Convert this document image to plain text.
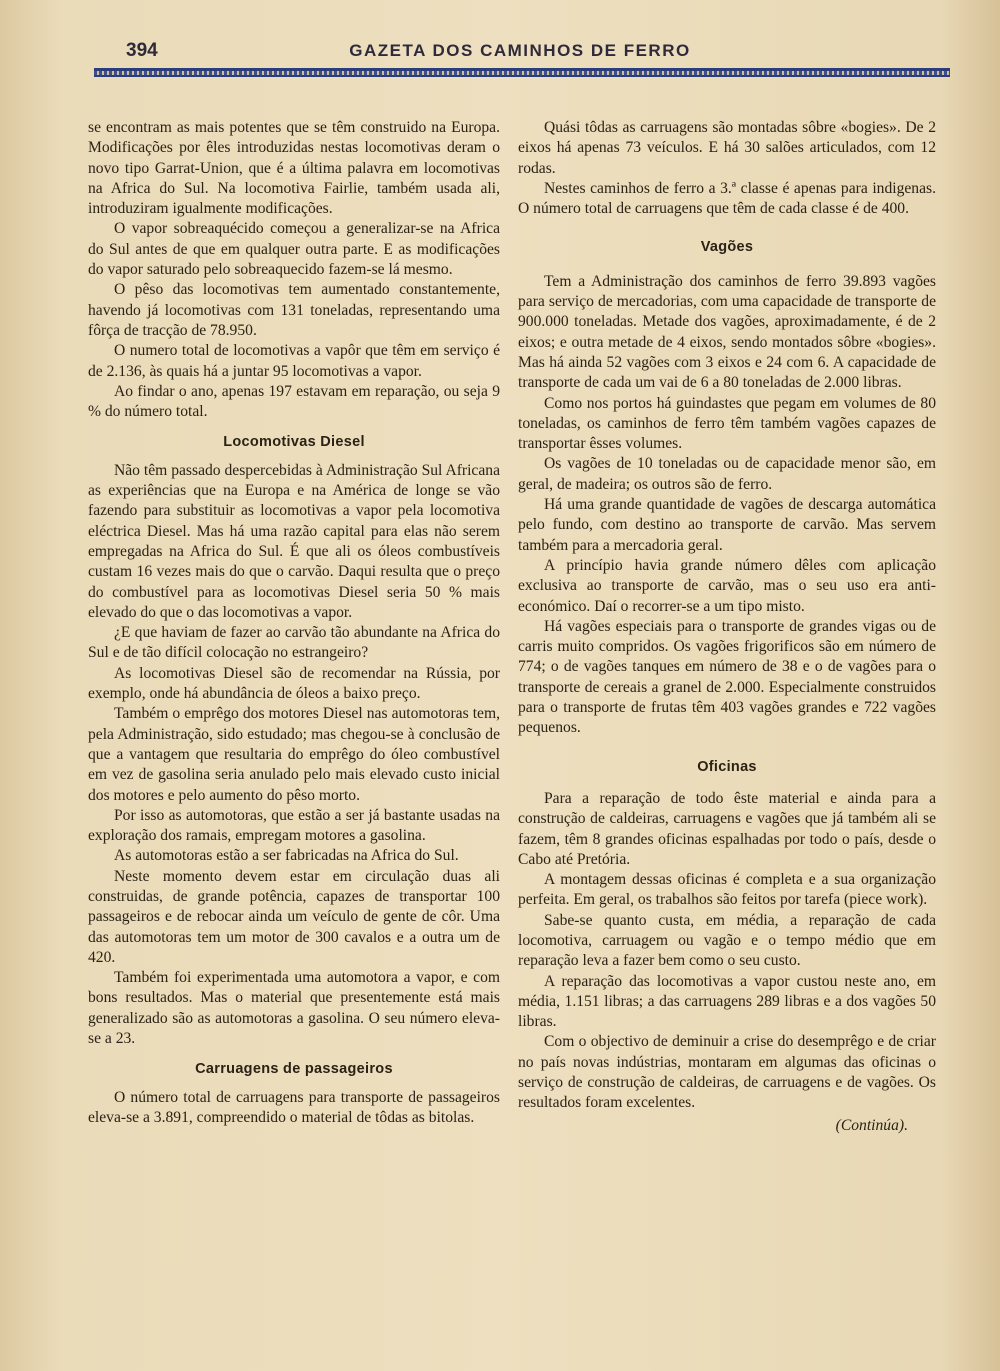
394	GAZETA DOS CAMINHOS DE FERRO

se encontram as mais potentes que se têm construido na Europa. Modificações por êles introduzidas nestas locomotivas deram o novo tipo Garrat-Union, que é a última palavra em locomotivas na Africa do Sul. Na locomotiva Fairlie, também usada ali, introduziram igualmente modificações.

O vapor sobreaquécido começou a generalizar-se na Africa do Sul antes de que em qualquer outra parte. E as modificações do vapor saturado pelo sobreaquecido fazem-se lá mesmo.

O pêso das locomotivas tem aumentado constantemente, havendo já locomotivas com 131 toneladas, representando uma fôrça de tracção de 78.950.

O numero total de locomotivas a vapôr que têm em serviço é de 2.136, às quais há a juntar 95 locomotivas a vapor.

Ao findar o ano, apenas 197 estavam em reparação, ou seja 9 % do número total.

Locomotivas Diesel

Não têm passado despercebidas à Administração Sul Africana as experiências que na Europa e na América de longe se vão fazendo para substituir as locomotivas a vapor pela locomotiva eléctrica Diesel. Mas há uma razão capital para elas não serem empregadas na Africa do Sul. É que ali os óleos combustíveis custam 16 vezes mais do que o carvão. Daqui resulta que o preço do combustível para as locomotivas Diesel seria 50 % mais elevado do que o das locomotivas a vapor.

¿E que haviam de fazer ao carvão tão abundante na Africa do Sul e de tão difícil colocação no estrangeiro?

As locomotivas Diesel são de recomendar na Rússia, por exemplo, onde há abundância de óleos a baixo preço.

Também o emprêgo dos motores Diesel nas automotoras tem, pela Administração, sido estudado; mas chegou-se à conclusão de que a vantagem que resultaria do emprêgo do óleo combustível em vez de gasolina seria anulado pelo mais elevado custo inicial dos motores e pelo aumento do pêso morto.

Por isso as automotoras, que estão a ser já bastante usadas na exploração dos ramais, empregam motores a gasolina.

As automotoras estão a ser fabricadas na Africa do Sul.

Neste momento devem estar em circulação duas ali construidas, de grande potência, capazes de transportar 100 passageiros e de rebocar ainda um veículo de gente de côr. Uma das automotoras tem um motor de 300 cavalos e a outra um de 420.

Também foi experimentada uma automotora a vapor, e com bons resultados. Mas o material que presentemente está mais generalizado são as automotoras a gasolina. O seu número eleva-se a 23.

Carruagens de passageiros

O número total de carruagens para transporte de passageiros eleva-se a 3.891, compreendido o material de tôdas as bitolas.

Quási tôdas as carruagens são montadas sôbre «bogies». De 2 eixos há apenas 73 veículos. E há 30 salões articulados, com 12 rodas.

Nestes caminhos de ferro a 3.ª classe é apenas para indigenas. O número total de carruagens que têm de cada classe é de 400.

Vagões

Tem a Administração dos caminhos de ferro 39.893 vagões para serviço de mercadorias, com uma capacidade de transporte de 900.000 toneladas. Metade dos vagões, aproximadamente, é de 2 eixos; e outra metade de 4 eixos, sendo montados sôbre «bogies». Mas há ainda 52 vagões com 3 eixos e 24 com 6. A capacidade de transporte de cada um vai de 6 a 80 toneladas de 2.000 libras.

Como nos portos há guindastes que pegam em volumes de 80 toneladas, os caminhos de ferro têm também vagões capazes de transportar êsses volumes.

Os vagões de 10 toneladas ou de capacidade menor são, em geral, de madeira; os outros são de ferro.

Há uma grande quantidade de vagões de descarga automática pelo fundo, com destino ao transporte de carvão. Mas servem também para a mercadoria geral.

A princípio havia grande número dêles com aplicação exclusiva ao transporte de carvão, mas o seu uso era anti-económico. Daí o recorrer-se a um tipo misto.

Há vagões especiais para o transporte de grandes vigas ou de carris muito compridos. Os vagões frigorificos são em número de 774; o de vagões tanques em número de 38 e o de vagões para o transporte de cereais a granel de 2.000. Especialmente construidos para o transporte de frutas têm 403 vagões grandes e 722 vagões pequenos.

Oficinas

Para a reparação de todo êste material e ainda para a construção de caldeiras, carruagens e vagões que já também ali se fazem, têm 8 grandes oficinas espalhadas por todo o país, desde o Cabo até Pretória.

A montagem dessas oficinas é completa e a sua organização perfeita. Em geral, os trabalhos são feitos por tarefa (piece work).

Sabe-se quanto custa, em média, a reparação de cada locomotiva, carruagem ou vagão e o tempo médio que em reparação leva a fazer bem como o seu custo.

A reparação das locomotivas a vapor custou neste ano, em média, 1.151 libras; a das carruagens 289 libras e a dos vagões 50 libras.

Com o objectivo de deminuir a crise do desemprêgo e de criar no país novas indústrias, montaram em algumas das oficinas o serviço de construção de caldeiras, de carruagens e de vagões. Os resultados foram excelentes.

(Continúa).
